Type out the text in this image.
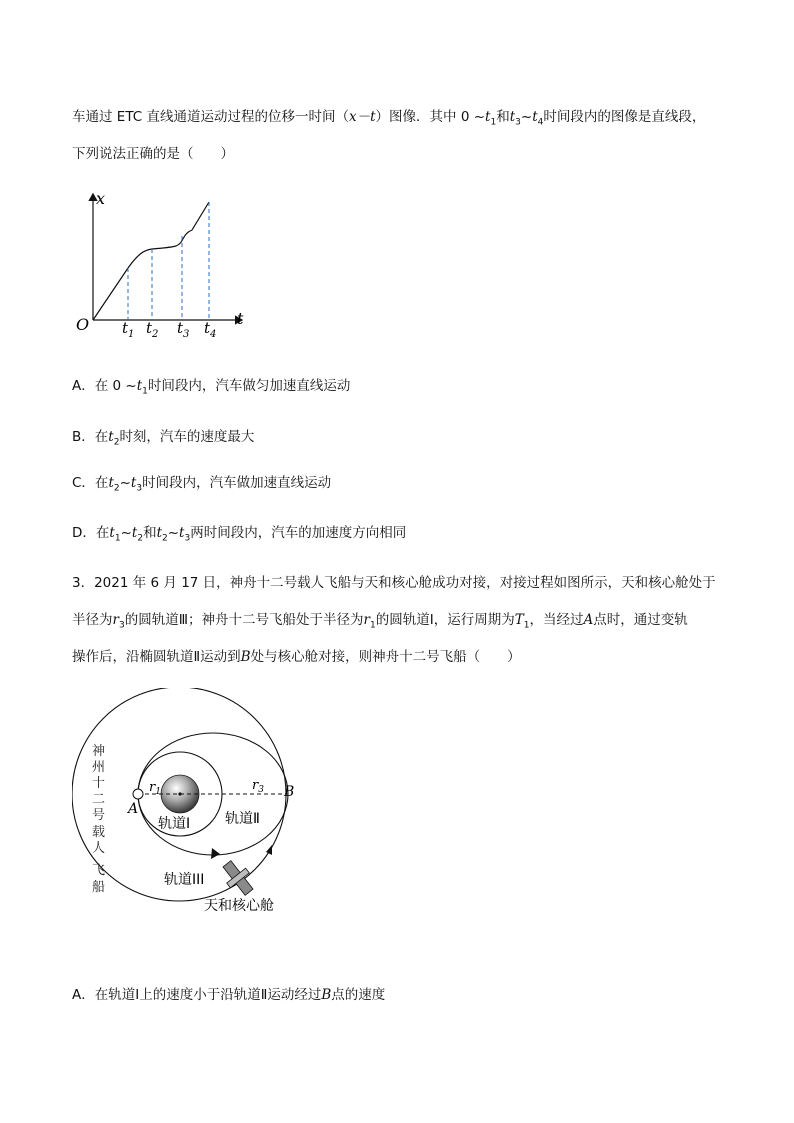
车通过 ETC 直线通道运动过程的位移一时间（x－t）图像．其中 0 $\sim t_1$和$t_3\sim t_4$时间段内的图像是直线段，
下列说法正确的是（　　）
x
t
O $t_1$ $t_2$ $t_3$ $t_4$
A．在 0 $\sim t_1$时间段内，汽车做匀加速直线运动
B．在$t_2$时刻，汽车的速度最大
C．在$t_2\sim t_3$时间段内，汽车做加速直线运动
D．在$t_1\sim t_2$和$t_2\sim t_3$两时间段内，汽车的加速度方向相同
3．2021 年 6 月 17 日，神舟十二号载人飞船与天和核心舱成功对接，对接过程如图所示，天和核心舱处于
半径为$r_3$的圆轨道Ⅲ；神舟十二号飞船处于半径为$r_1$的圆轨道Ⅰ，运行周期为$T_1$，当经过A点时，通过变轨
操作后，沿椭圆轨道Ⅱ运动到B处与核心舱对接，则神舟十二号飞船（　　）
A
B
$r_1$	$r_3$
轨道Ⅰ 轨道Ⅱ
轨道III
天和核心舱
神
州
十
二
号
载
人
飞
船
A．在轨道Ⅰ上的速度小于沿轨道Ⅱ运动经过B点的速度
